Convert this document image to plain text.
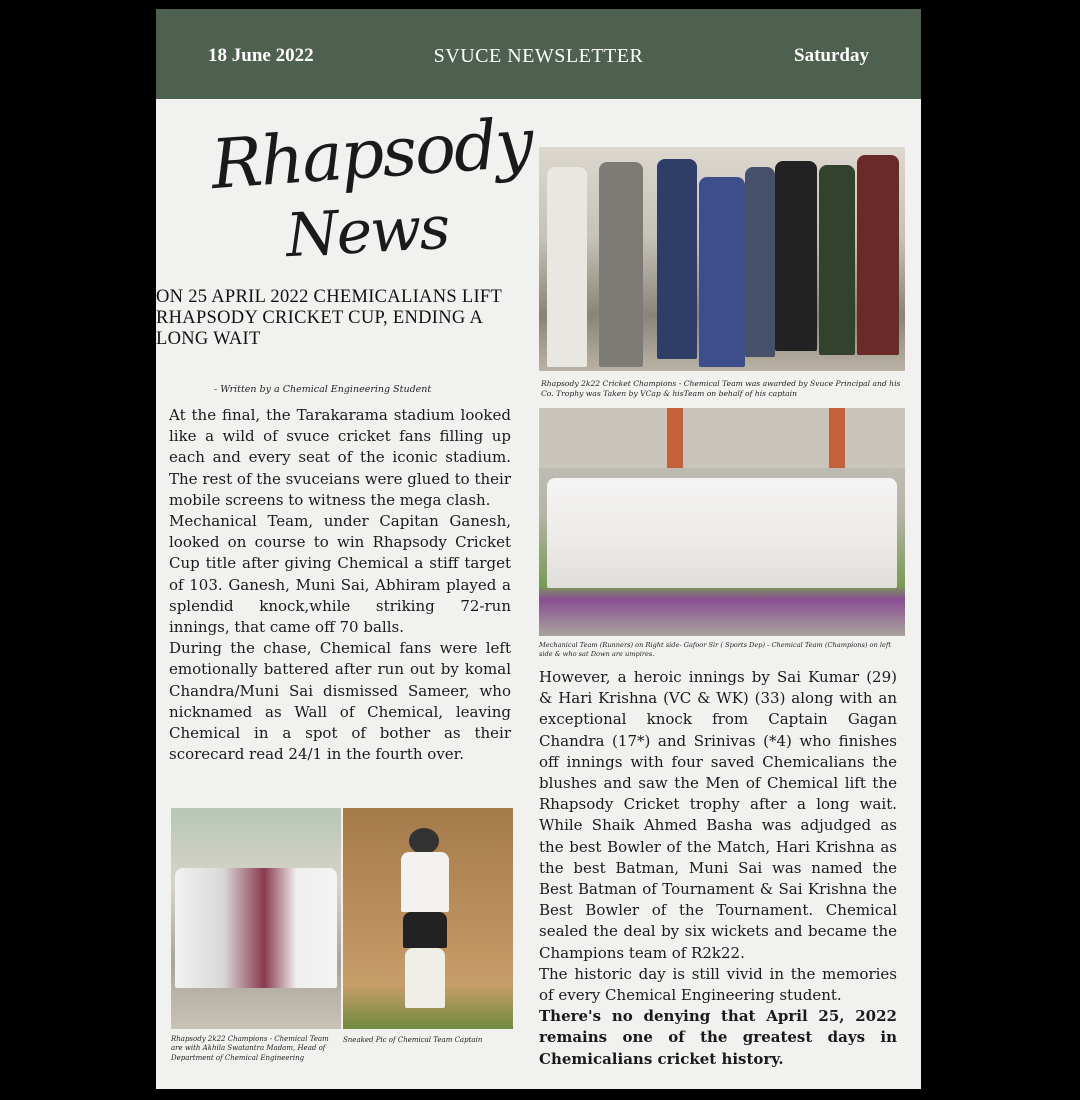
18 June 2022	SVUCE NEWSLETTER	Saturday
Rhapsody
News
ON 25 APRIL 2022 CHEMICALIANS LIFT RHAPSODY CRICKET CUP, ENDING A LONG WAIT
- Written by a Chemical Engineering Student

At the final, the Tarakarama stadium looked like a wild of svuce cricket fans filling up each and every seat of the iconic stadium. The rest of the svuceians were glued to their mobile screens to witness the mega clash.

Mechanical Team, under Capitan Ganesh, looked on course to win Rhapsody Cricket Cup title after giving Chemical a stiff target of 103. Ganesh, Muni Sai, Abhiram played a splendid knock,while striking 72-run innings, that came off 70 balls.

During the chase, Chemical fans were left emotionally battered after run out by komal Chandra/Muni Sai dismissed Sameer, who nicknamed as Wall of Chemical, leaving Chemical in a spot of bother as their scorecard read 24/1 in the fourth over.

Rhapsody 2k22 Cricket Champions - Chemical Team was awarded by Svuce Principal and his Co. Trophy was Taken by VCap & hisTeam on behalf of his captain
Mechanical Team (Runners) on Right side- Gafoor Sir ( Sports Dep) - Chemical Team (Champions) on left side & who sat Down are umpires.

However, a heroic innings by Sai Kumar (29) & Hari Krishna (VC & WK) (33) along with an exceptional knock from Captain Gagan Chandra (17*) and Srinivas (*4) who finishes off innings with four saved Chemicalians the blushes and saw the Men of Chemical lift the Rhapsody Cricket trophy after a long wait. While Shaik Ahmed Basha was adjudged as the best Bowler of the Match, Hari Krishna as the best Batman, Muni Sai was named the Best Batman of Tournament & Sai Krishna the Best Bowler of the Tournament. Chemical sealed the deal by six wickets and became the Champions team of R2k22.

The historic day is still vivid in the memories of every Chemical Engineering student.

There's no denying that April 25, 2022 remains one of the greatest days in Chemicalians cricket history.

Rhapsody 2k22 Champions - Chemical Team are with Akhila Swatantra Madam, Head of Department of Chemical Engineering
Sneaked Pic of Chemical Team Captain
